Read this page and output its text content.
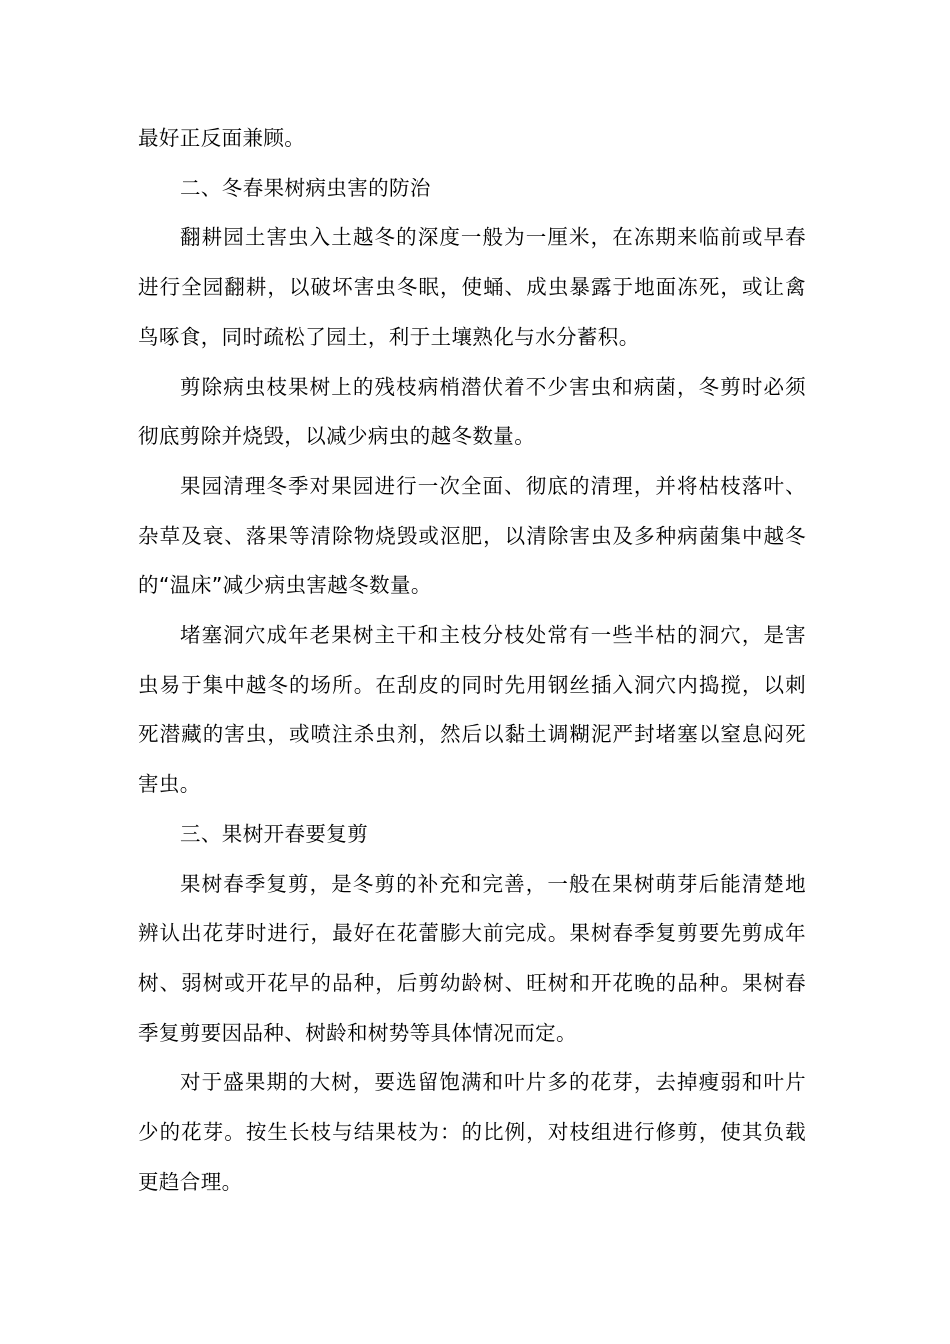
最好正反面兼顾。

二、冬春果树病虫害的防治

翻耕园土害虫入土越冬的深度一般为一厘米，在冻期来临前或早春进行全园翻耕，以破坏害虫冬眠，使蛹、成虫暴露于地面冻死，或让禽鸟啄食，同时疏松了园土，利于土壤熟化与水分蓄积。

剪除病虫枝果树上的残枝病梢潜伏着不少害虫和病菌，冬剪时必须彻底剪除并烧毁，以减少病虫的越冬数量。

果园清理冬季对果园进行一次全面、彻底的清理，并将枯枝落叶、杂草及衰、落果等清除物烧毁或沤肥，以清除害虫及多种病菌集中越冬的“温床”减少病虫害越冬数量。

堵塞洞穴成年老果树主干和主枝分枝处常有一些半枯的洞穴，是害虫易于集中越冬的场所。在刮皮的同时先用钢丝插入洞穴内捣搅，以刺死潜藏的害虫，或喷注杀虫剂，然后以黏土调糊泥严封堵塞以窒息闷死害虫。

三、果树开春要复剪

果树春季复剪，是冬剪的补充和完善，一般在果树萌芽后能清楚地辨认出花芽时进行，最好在花蕾膨大前完成。果树春季复剪要先剪成年树、弱树或开花早的品种，后剪幼龄树、旺树和开花晚的品种。果树春季复剪要因品种、树龄和树势等具体情况而定。

对于盛果期的大树，要选留饱满和叶片多的花芽，去掉瘦弱和叶片少的花芽。按生长枝与结果枝为：的比例，对枝组进行修剪，使其负载更趋合理。
